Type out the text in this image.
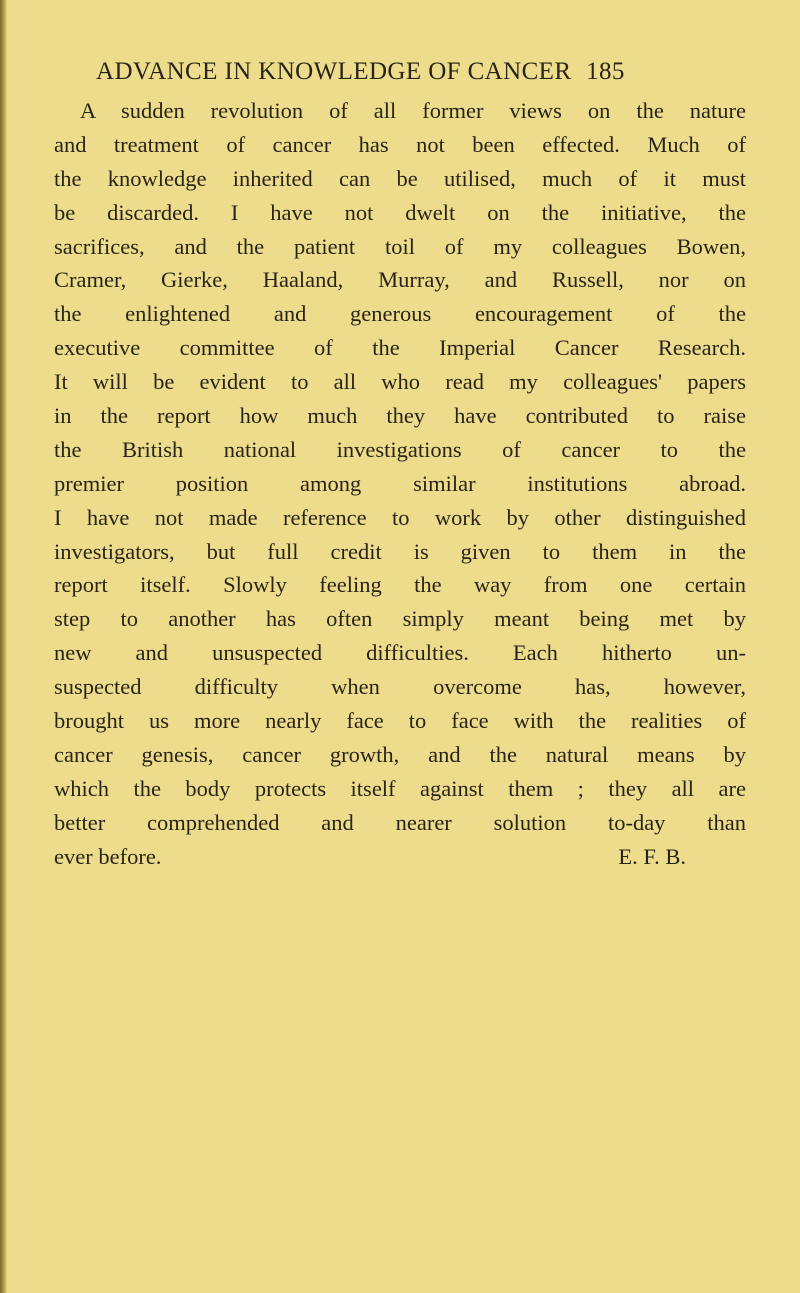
ADVANCE IN KNOWLEDGE OF CANCER 185
A sudden revolution of all former views on the nature
and treatment of cancer has not been effected. Much of
the knowledge inherited can be utilised, much of it must
be discarded. I have not dwelt on the initiative, the
sacrifices, and the patient toil of my colleagues Bowen,
Cramer, Gierke, Haaland, Murray, and Russell, nor on
the enlightened and generous encouragement of the
executive committee of the Imperial Cancer Research.
It will be evident to all who read my colleagues' papers
in the report how much they have contributed to raise
the British national investigations of cancer to the
premier position among similar institutions abroad.
I have not made reference to work by other distinguished
investigators, but full credit is given to them in the
report itself. Slowly feeling the way from one certain
step to another has often simply meant being met by
new and unsuspected difficulties. Each hitherto un-
suspected difficulty when overcome has, however,
brought us more nearly face to face with the realities of
cancer genesis, cancer growth, and the natural means by
which the body protects itself against them ; they all are
better comprehended and nearer solution to-day than
ever before.	E. F. B.
